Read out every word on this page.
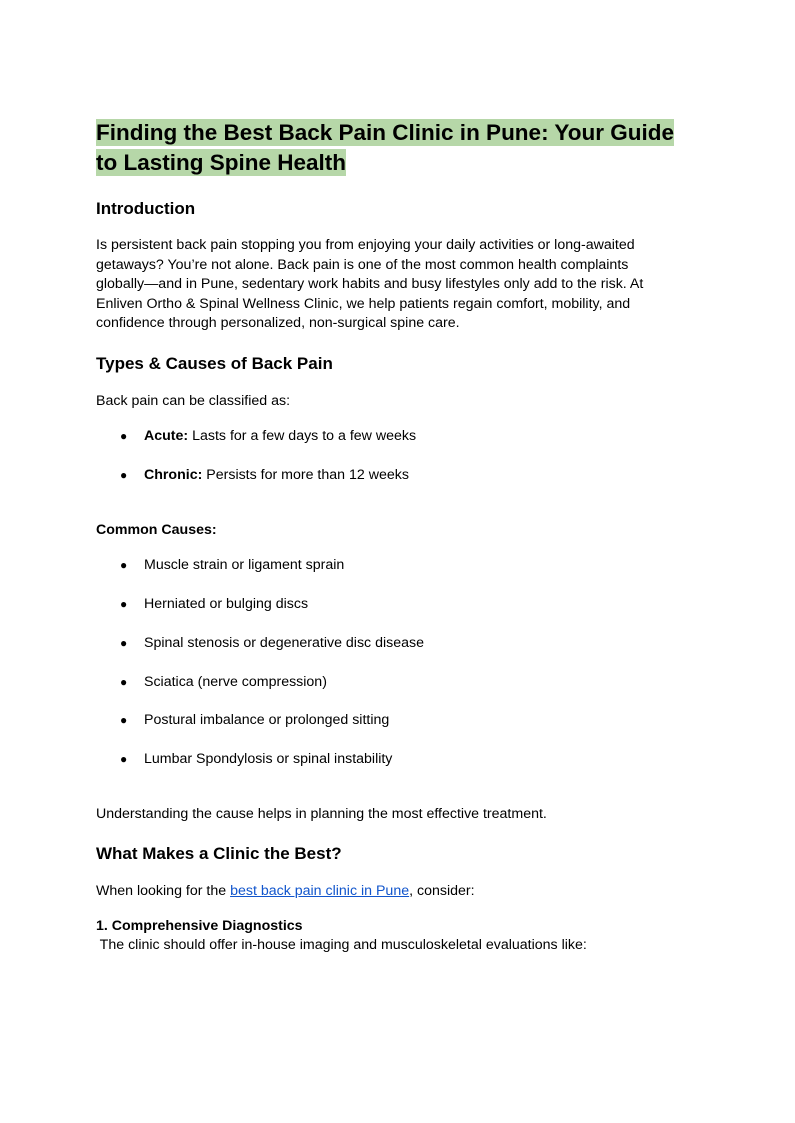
Finding the Best Back Pain Clinic in Pune: Your Guide
to Lasting Spine Health
Introduction

Is persistent back pain stopping you from enjoying your daily activities or long-awaited getaways? You’re not alone. Back pain is one of the most common health complaints globally—and in Pune, sedentary work habits and busy lifestyles only add to the risk. At Enliven Ortho & Spinal Wellness Clinic, we help patients regain comfort, mobility, and confidence through personalized, non-surgical spine care.

Types & Causes of Back Pain

Back pain can be classified as:

● Acute: Lasts for a few days to a few weeks
● Chronic: Persists for more than 12 weeks
Common Causes:
● Muscle strain or ligament sprain
● Herniated or bulging discs
● Spinal stenosis or degenerative disc disease
● Sciatica (nerve compression)
● Postural imbalance or prolonged sitting
● Lumbar Spondylosis or spinal instability

Understanding the cause helps in planning the most effective treatment.

What Makes a Clinic the Best?

When looking for the best back pain clinic in Pune, consider:

1. Comprehensive Diagnostics

The clinic should offer in-house imaging and musculoskeletal evaluations like:
